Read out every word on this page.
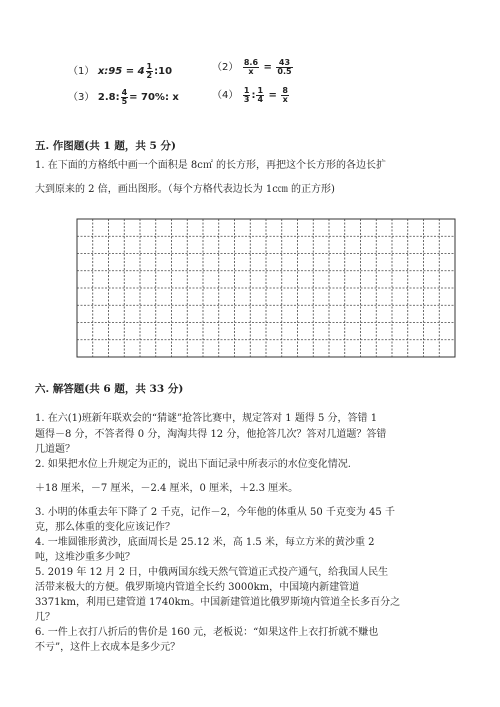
（1） x:95 = $4 \frac{1}{2}$ :10	$(2) \frac{8.6}{x} = \frac{43}{0.5}$
（3） 2.8: $\frac{4}{5} = 70\%$: x	$(4) \frac{1}{3}$ : $\frac{1}{4} = \frac{8}{x}$
五. 作图题(共 1 题，共 5 分)
1. 在下面的方格纸中画一个面积是 8c㎡ 的长方形，再把这个长方形的各边长扩
大到原来的 2 倍，画出图形。（每个方格代表边长为 1c㎝ 的正方形)
六. 解答题(共 6 题，共 33 分)
1. 在六(1)班新年联欢会的“猜谜”抢答比赛中，规定答对 1 题得 5 分，答错 1
题得－8 分，不答者得 0 分，淘淘共得 12 分，他抢答几次？答对几道题？答错
几道题？
2. 如果把水位上升规定为正的，说出下面记录中所表示的水位变化情况.
＋18 厘米，－7 厘米，－2.4 厘米，0 厘米，＋2.3 厘米。
3. 小明的体重去年下降了 2 千克，记作－2，今年他的体重从 50 千克变为 45 千
克，那么体重的变化应该记作？
4. 一堆圆锥形黄沙，底面周长是 25.12 米，高 1.5 米，每立方米的黄沙重 2
吨，这堆沙重多少吨？
5. 2019 年 12 月 2 日，中俄两国东线天然气管道正式投产通气，给我国人民生
活带来极大的方便。俄罗斯境内管道全长约 3000km，中国境内新建管道
3371km，利用已建管道 1740km。中国新建管道比俄罗斯境内管道全长多百分之
几？
6. 一件上衣打八折后的售价是 160 元，老板说：“如果这件上衣打折就不赚也
不亏”，这件上衣成本是多少元？
